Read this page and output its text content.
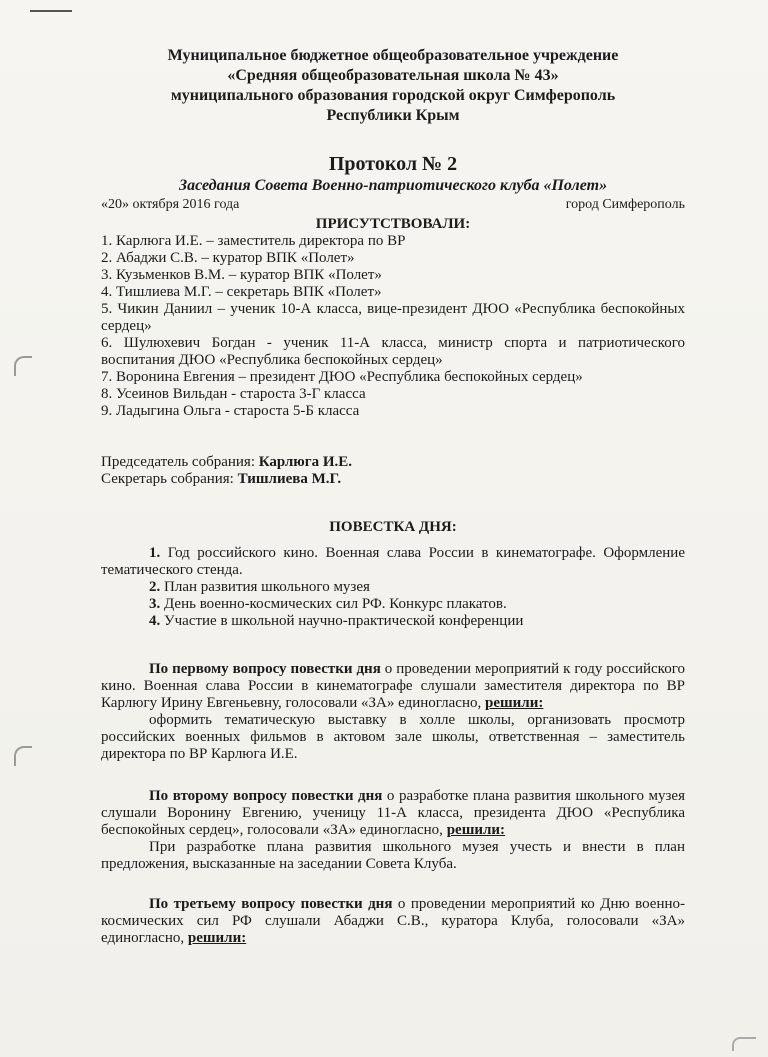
Муниципальное бюджетное общеобразовательное учреждение
«Средняя общеобразовательная школа № 43»
муниципального образования городской округ Симферополь
Республики Крым
Протокол № 2
Заседания Совета Военно-патриотического клуба «Полет»
«20» октября 2016 года	город Симферополь
ПРИСУТСТВОВАЛИ:
1. Карлюга И.Е. – заместитель директора по ВР
2. Абаджи С.В. – куратор ВПК «Полет»
3. Кузьменков В.М. – куратор ВПК «Полет»
4. Тишлиева М.Г. – секретарь ВПК «Полет»
5. Чикин Даниил – ученик 10-А класса, вице-президент ДЮО «Республика беспокойных сердец»
6. Шулюхевич Богдан - ученик 11-А класса, министр спорта и патриотического воспитания ДЮО «Республика беспокойных сердец»
7. Воронина Евгения – президент ДЮО «Республика беспокойных сердец»
8. Усеинов Вильдан - староста 3-Г класса
9. Ладыгина Ольга - староста 5-Б класса
Председатель собрания: Карлюга И.Е.
Секретарь собрания: Тишлиева М.Г.
ПОВЕСТКА ДНЯ:
1. Год российского кино. Военная слава России в кинематографе. Оформление тематического стенда.
2. План развития школьного музея
3. День военно-космических сил РФ. Конкурс плакатов.
4. Участие в школьной научно-практической конференции
По первому вопросу повестки дня о проведении мероприятий к году российского кино. Военная слава России в кинематографе слушали заместителя директора по ВР Карлюгу Ирину Евгеньевну, голосовали «ЗА» единогласно, решили:
оформить тематическую выставку в холле школы, организовать просмотр российских военных фильмов в актовом зале школы, ответственная – заместитель директора по ВР Карлюга И.Е.
По второму вопросу повестки дня о разработке плана развития школьного музея слушали Воронину Евгению, ученицу 11-А класса, президента ДЮО «Республика беспокойных сердец», голосовали «ЗА» единогласно, решили:
При разработке плана развития школьного музея учесть и внести в план предложения, высказанные на заседании Совета Клуба.
По третьему вопросу повестки дня о проведении мероприятий ко Дню военно-космических сил РФ слушали Абаджи С.В., куратора Клуба, голосовали «ЗА» единогласно, решили:
